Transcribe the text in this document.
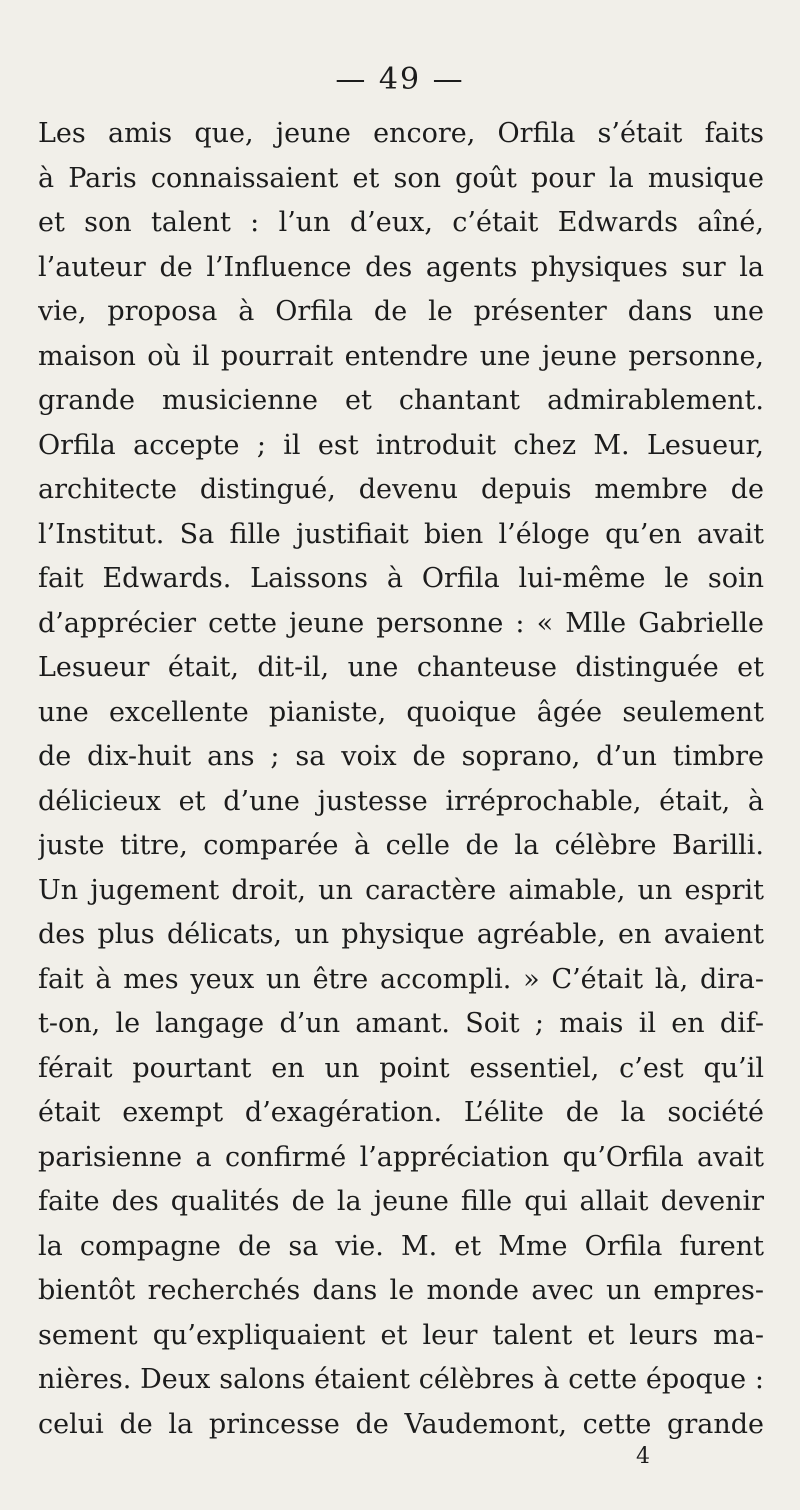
— 49 —
Les amis que, jeune encore, Orfila s’était faits
à Paris connaissaient et son goût pour la musique
et son talent : l’un d’eux, c’était Edwards aîné,
l’auteur de l’Influence des agents physiques sur la
vie, proposa à Orfila de le présenter dans une
maison où il pourrait entendre une jeune personne,
grande musicienne et chantant admirablement.
Orfila accepte ; il est introduit chez M. Lesueur,
architecte distingué, devenu depuis membre de
l’Institut. Sa fille justifiait bien l’éloge qu’en avait
fait Edwards. Laissons à Orfila lui-même le soin
d’apprécier cette jeune personne : « Mlle Gabrielle
Lesueur était, dit-il, une chanteuse distinguée et
une excellente pianiste, quoique âgée seulement
de dix-huit ans ; sa voix de soprano, d’un timbre
délicieux et d’une justesse irréprochable, était, à
juste titre, comparée à celle de la célèbre Barilli.
Un jugement droit, un caractère aimable, un esprit
des plus délicats, un physique agréable, en avaient
fait à mes yeux un être accompli. » C’était là, dira-
t-on, le langage d’un amant. Soit ; mais il en dif-
férait pourtant en un point essentiel, c’est qu’il
était exempt d’exagération. L’élite de la société
parisienne a confirmé l’appréciation qu’Orfila avait
faite des qualités de la jeune fille qui allait devenir
la compagne de sa vie. M. et Mme Orfila furent
bientôt recherchés dans le monde avec un empres-
sement qu’expliquaient et leur talent et leurs ma-
nières. Deux salons étaient célèbres à cette époque :
celui de la princesse de Vaudemont, cette grande
4
